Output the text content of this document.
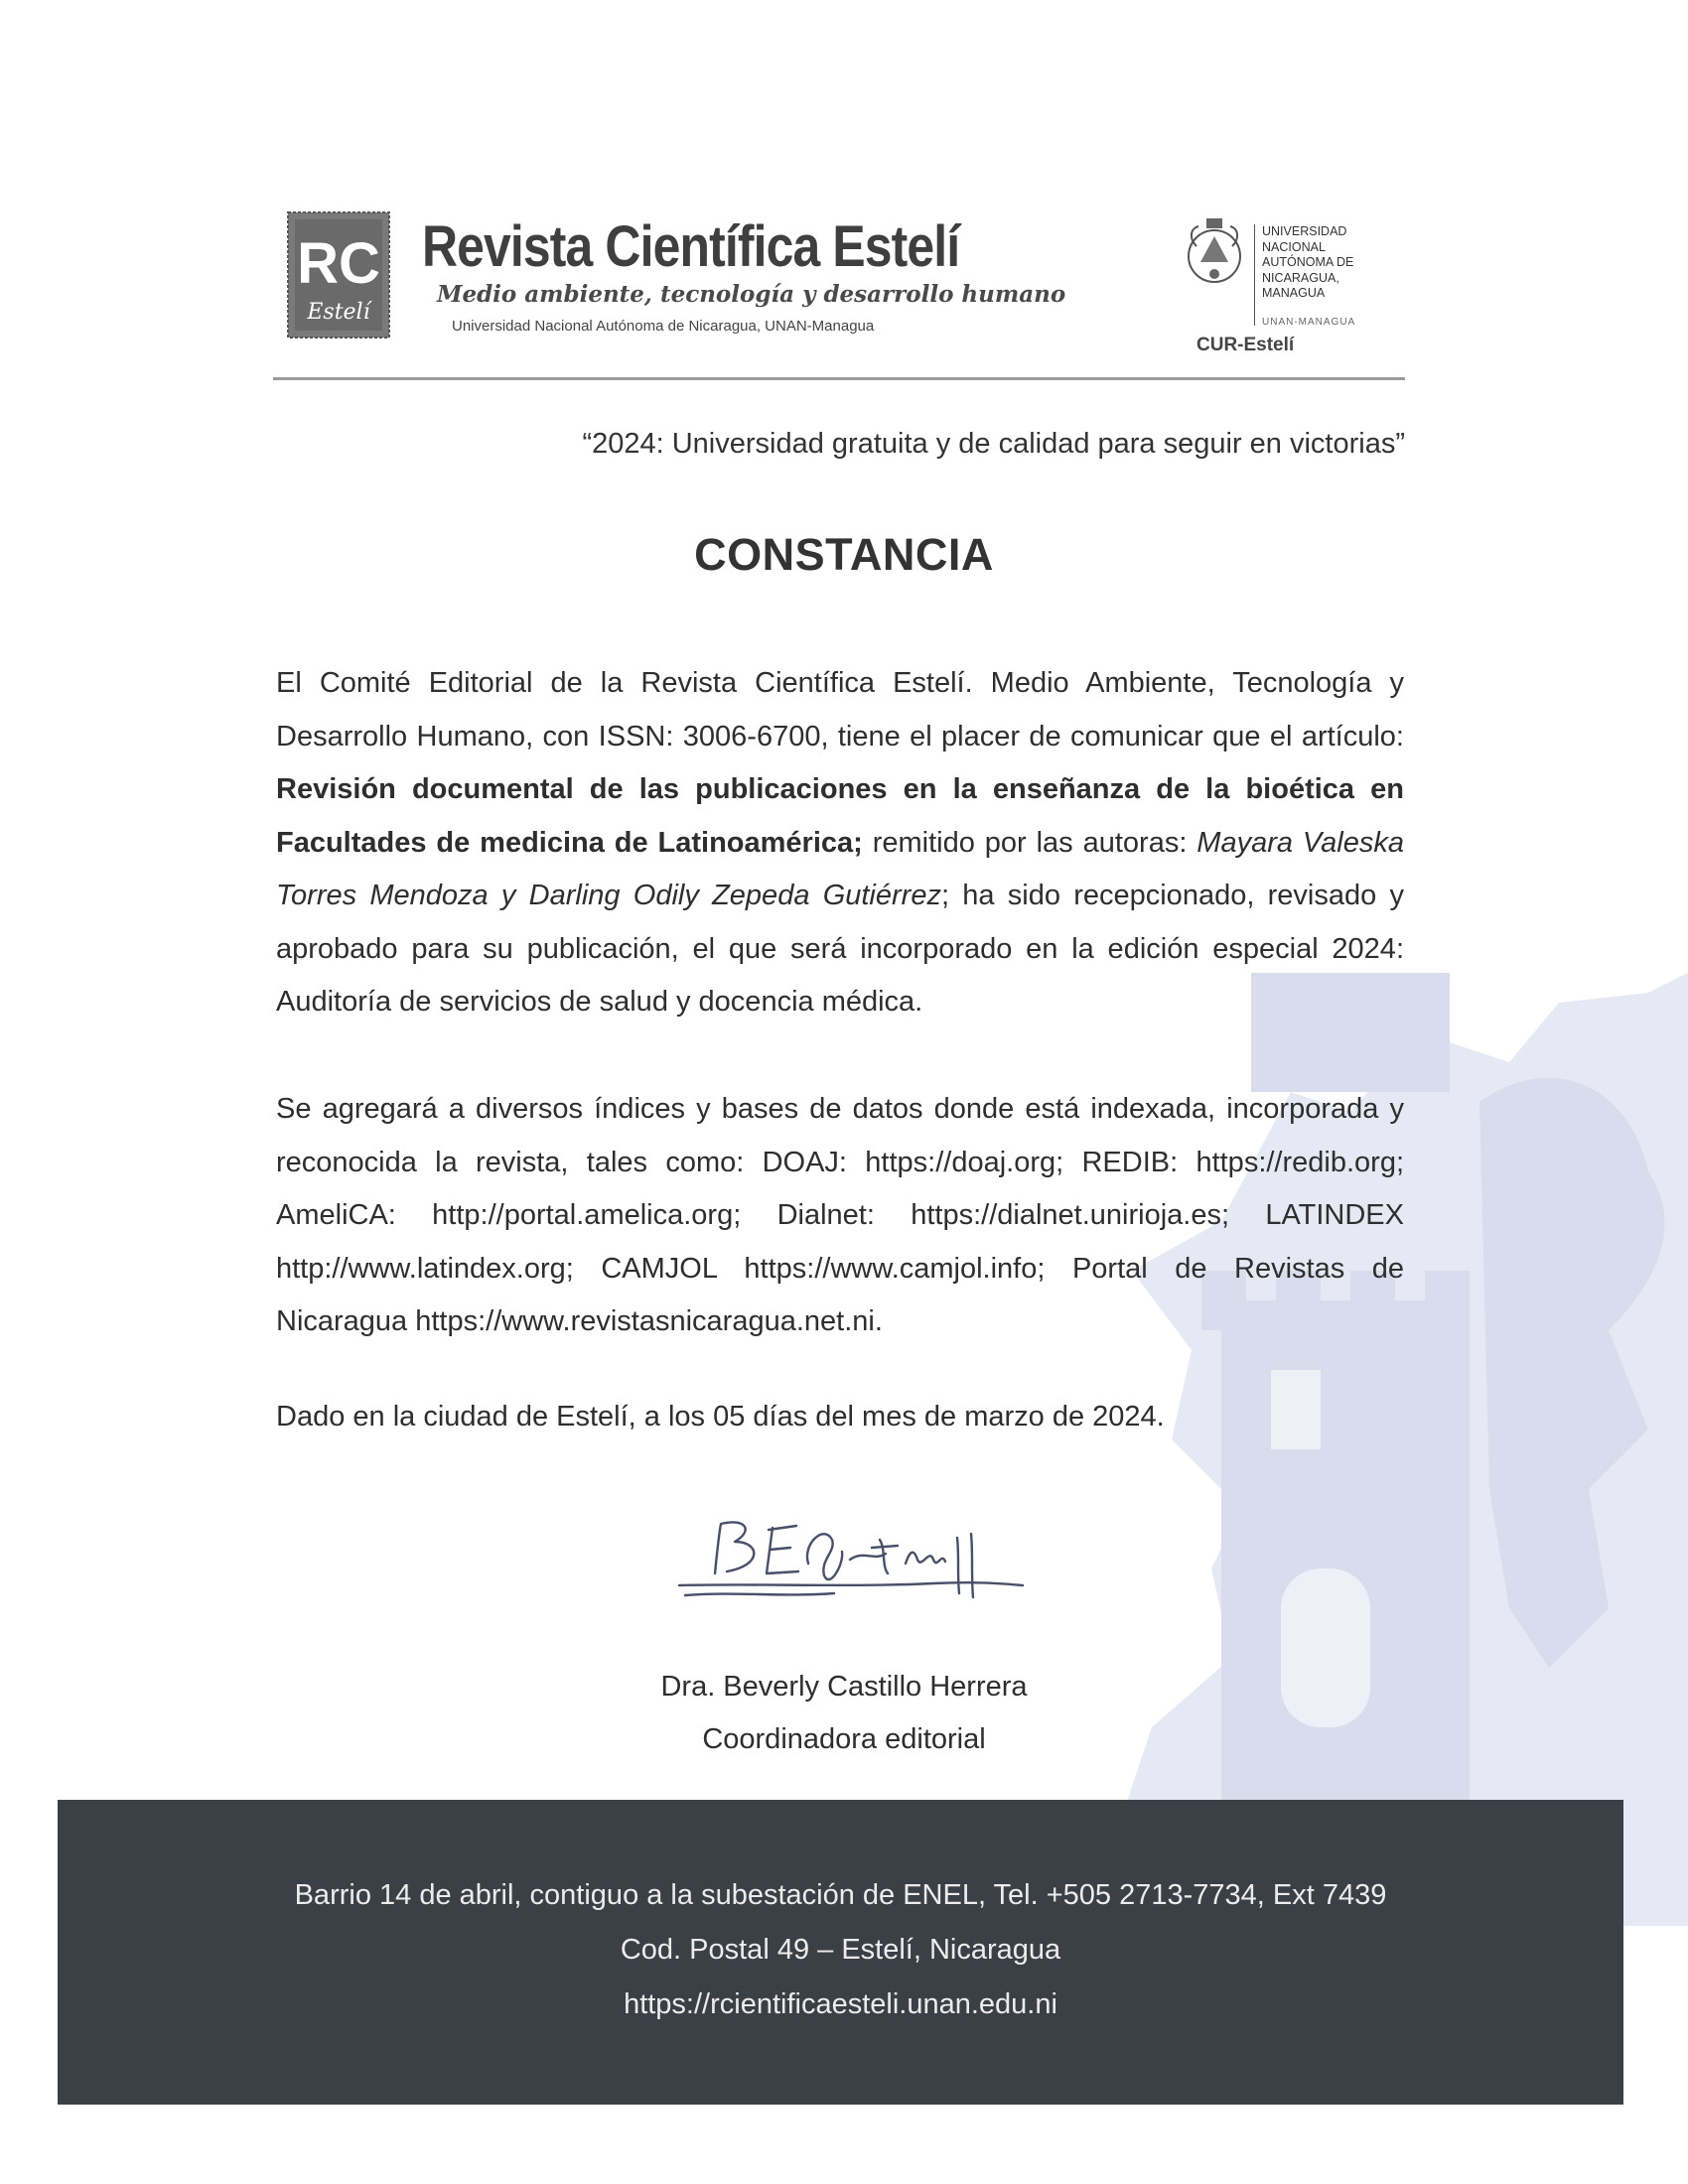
RC
Estelí
Revista Científica Estelí
Medio ambiente, tecnología y desarrollo humano
Universidad Nacional Autónoma de Nicaragua, UNAN-Managua
UNIVERSIDAD
NACIONAL
AUTÓNOMA DE
NICARAGUA,
MANAGUA
UNAN-MANAGUA
CUR-Estelí
“2024: Universidad gratuita y de calidad para seguir en victorias”
CONSTANCIA

El Comité Editorial de la Revista Científica Estelí. Medio Ambiente, Tecnología y Desarrollo Humano, con ISSN: 3006-6700, tiene el placer de comunicar que el artículo: Revisión documental de las publicaciones en la enseñanza de la bioética en Facultades de medicina de Latinoamérica; remitido por las autoras: Mayara Valeska Torres Mendoza y Darling Odily Zepeda Gutiérrez; ha sido recepcionado, revisado y aprobado para su publicación, el que será incorporado en la edición especial 2024: Auditoría de servicios de salud y docencia médica.

Se agregará a diversos índices y bases de datos donde está indexada, incorporada y reconocida la revista, tales como: DOAJ: https://doaj.org; REDIB: https://redib.org; AmeliCA: http://portal.amelica.org; Dialnet: https://dialnet.unirioja.es; LATINDEX http://www.latindex.org; CAMJOL https://www.camjol.info; Portal de Revistas de Nicaragua https://www.revistasnicaragua.net.ni.

Dado en la ciudad de Estelí, a los 05 días del mes de marzo de 2024.

Dra. Beverly Castillo Herrera
Coordinadora editorial
Barrio 14 de abril, contiguo a la subestación de ENEL, Tel. +505 2713-7734, Ext 7439
Cod. Postal 49 – Estelí, Nicaragua
https://rcientificaesteli.unan.edu.ni
